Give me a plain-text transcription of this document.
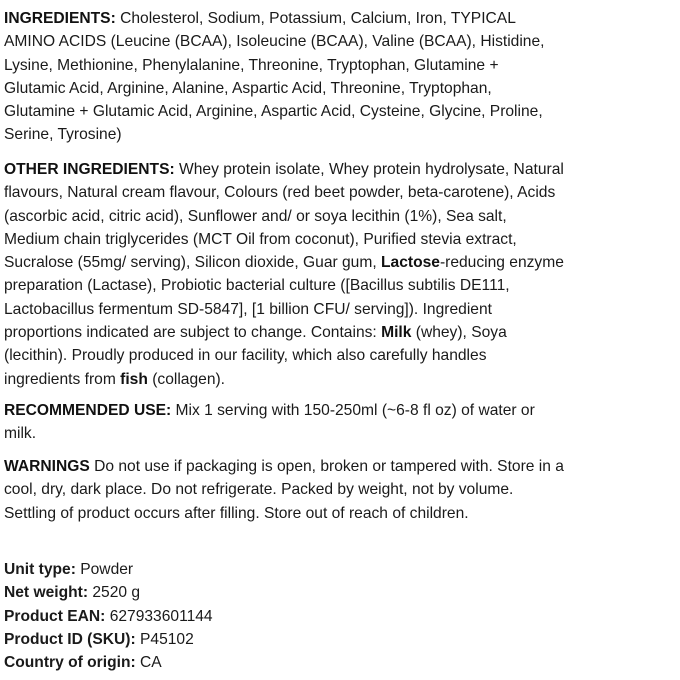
INGREDIENTS: Cholesterol, Sodium, Potassium, Calcium, Iron, TYPICAL AMINO ACIDS (Leucine (BCAA), Isoleucine (BCAA), Valine (BCAA), Histidine, Lysine, Methionine, Phenylalanine, Threonine, Tryptophan, Glutamine + Glutamic Acid, Arginine, Alanine, Aspartic Acid, Threonine, Tryptophan, Glutamine + Glutamic Acid, Arginine, Aspartic Acid, Cysteine, Glycine, Proline, Serine, Tyrosine)

OTHER INGREDIENTS: Whey protein isolate, Whey protein hydrolysate, Natural flavours, Natural cream flavour, Colours (red beet powder, beta-carotene), Acids (ascorbic acid, citric acid), Sunflower and/ or soya lecithin (1%), Sea salt, Medium chain triglycerides (MCT Oil from coconut), Purified stevia extract, Sucralose (55mg/ serving), Silicon dioxide, Guar gum, Lactose-reducing enzyme preparation (Lactase), Probiotic bacterial culture ([Bacillus subtilis DE111, Lactobacillus fermentum SD-5847], [1 billion CFU/ serving]). Ingredient proportions indicated are subject to change. Contains: Milk (whey), Soya (lecithin). Proudly produced in our facility, which also carefully handles ingredients from fish (collagen).

RECOMMENDED USE: Mix 1 serving with 150-250ml (~6-8 fl oz) of water or milk.

WARNINGS Do not use if packaging is open, broken or tampered with. Store in a cool, dry, dark place. Do not refrigerate. Packed by weight, not by volume. Settling of product occurs after filling. Store out of reach of children.

Unit type: Powder

Net weight: 2520 g

Product EAN: 627933601144

Product ID (SKU): P45102

Country of origin: CA
